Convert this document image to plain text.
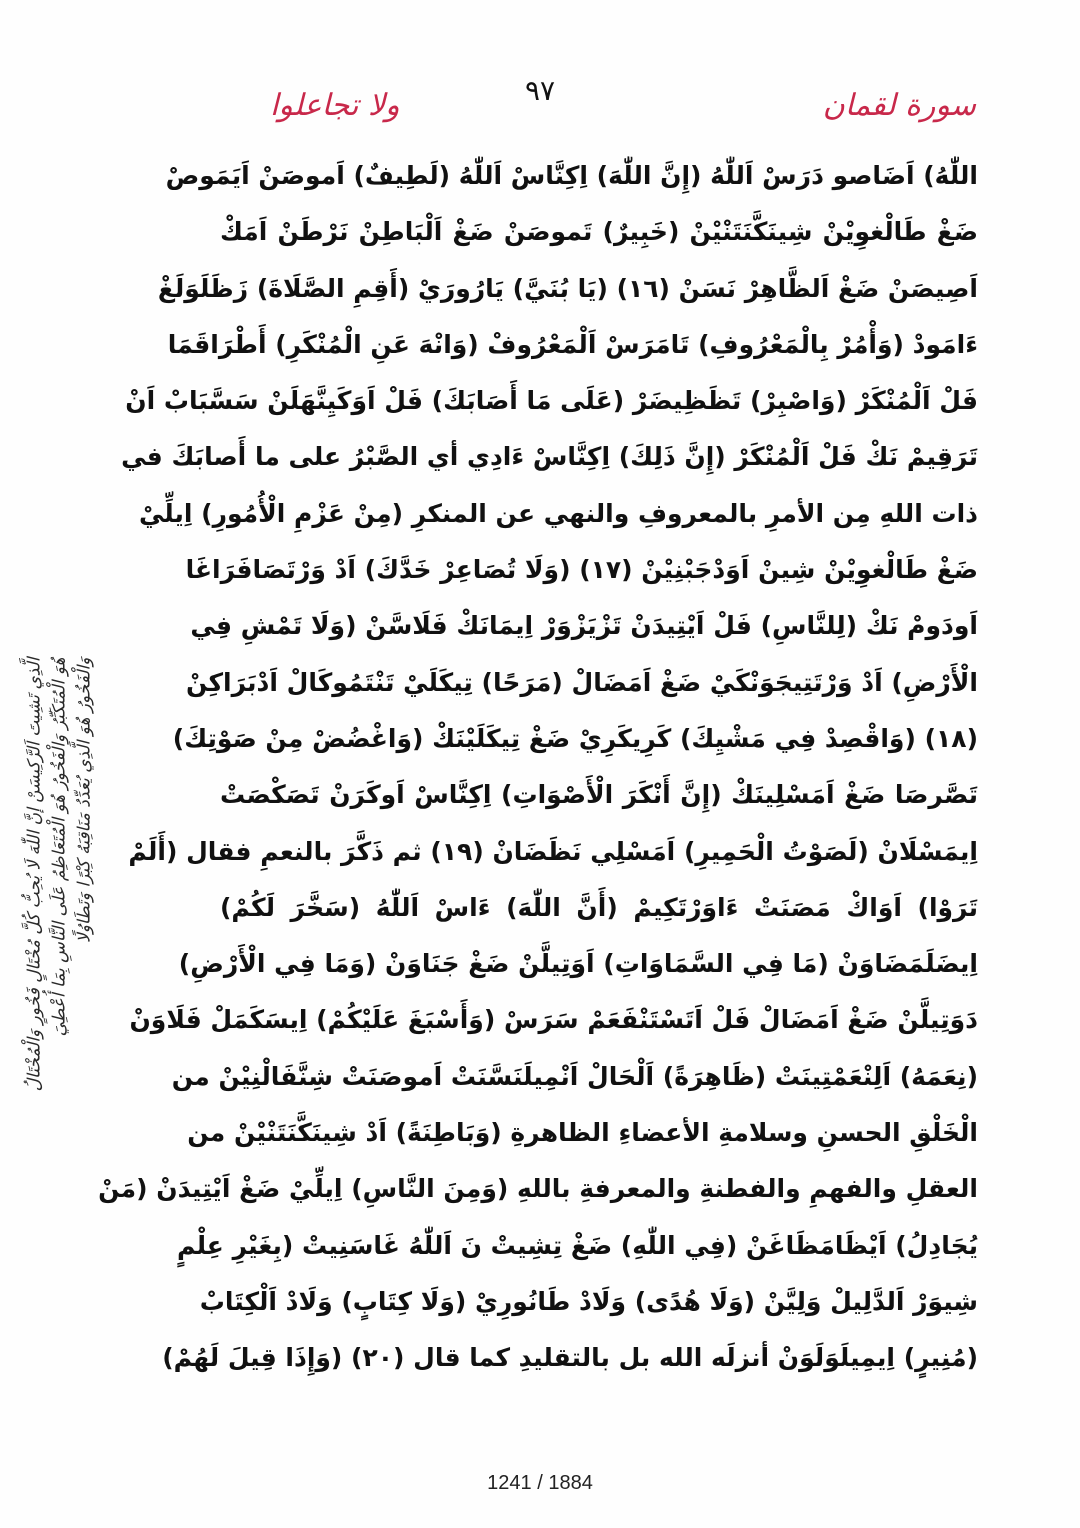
٩٧	سورة لقمان
ولا تجاعلوا
اللّٰهُ) اَضَاصو دَرَسْ اَللّٰهُ (إِنَّ اللّٰهَ) اِكِنَّاسْ اَللّٰهُ (لَطِيفٌ) اَموصَنْ اَيَمَوصْ
ضَغْ طَالْغوِيْنْ شِينَكَّنَتَنْيْنْ (خَبِيرٌ) تَموصَنْ ضَغْ اَلْبَاطِنْ نَرْطَنْ اَمَكْ
اَصِيصَنْ ضَغْ اَلظَّاهِرْ نَسَنْ (١٦) (يَا بُنَيَّ) يَارُورَيْ (أَقِمِ الصَّلَاةَ) زَظَلَوَلَغْ
ءَامَودْ (وَأْمُرْ بِالْمَعْرُوفِ) تَامَرَسْ اَلْمَعْرُوفْ (وَانْهَ عَنِ الْمُنْكَرِ) أَطْرَاقَمَا
فَلْ اَلْمُنْكَرْ (وَاصْبِرْ) تَظَظِيضَرْ (عَلَى مَا أَصَابَكَ) فَلْ اَوَكَيِنَّهَلَنْ سَسَّبَابْ اَنْ
تَرَقِيمْ نَكْ فَلْ اَلْمُنْكَرْ (إِنَّ ذَلِكَ) اِكِنَّاسْ ءَادِي أي الصَّبْرُ على ما أَصابَكَ في
ذات اللهِ مِن الأمرِ بالمعروفِ والنهي عن المنكرِ (مِنْ عَزْمِ الْأُمُورِ) اِيلِّيْ
ضَغْ طَالْغوِيْنْ شِينْ اَوَدْجَبْنِيْنْ (١٧) (وَلَا تُصَاعِرْ خَدَّكَ) اَدْ وَرْتَصَافَرَاغَا
اَودَومْ نَكْ (لِلنَّاسِ) فَلْ اَيْتِيدَنْ تَزْيَزْوَرْ اِيمَانَكْ فَلَاسَّنْ (وَلَا تَمْشِ فِي
الْأَرْضِ) اَدْ وَرْتَتِيجَوَنْكَيْ ضَغْ اَمَضَالْ (مَرَحًا) تِيكَلَيْ تَنْتَمُوكَالْ اَدْبَرَاكِنْ
(١٨) (وَاقْصِدْ فِي مَشْيِكَ) كَرِيكَرِيْ ضَغْ تِيكَلَيْنَكْ (وَاغْضُضْ مِنْ صَوْتِكَ)
تَصَّرصَا ضَغْ اَمَسْلِينَكْ (إِنَّ أَنْكَرَ الْأَصْوَاتِ) اِكِنَّاسْ اَوكَرَنْ تَصَكْصَتْ
اِيمَسْلَانْ (لَصَوْتُ الْحَمِيرِ) اَمَسْلِي نَظَضَانْ (١٩) ثم ذَكَّرَ بالنعمِ فقال (أَلَمْ
تَرَوْا) اَوَاكْ مَصَنَتْ ءَاوَرْتَكِيمْ (أَنَّ اللّٰهَ) ءَاسْ اَللّٰهُ (سَخَّرَ لَكُمْ)
اِيضَلَمَضَاوَنْ (مَا فِي السَّمَاوَاتِ) اَوَتِيلَّنْ ضَغْ جَنَاوَنْ (وَمَا فِي الْأَرْضِ)
دَوَتِيلَّنْ ضَغْ اَمَضَالْ فَلْ اَتَسْتَنْفَعَمْ سَرَسْ (وَأَسْبَغَ عَلَيْكُمْ) اِيسَكَمَلْ فَلَاوَنْ
(نِعَمَهُ) اَلِنْعَمْتِينَتْ (ظَاهِرَةً) اَلْحَالْ اَنْمِيلَنَسَّنَتْ اَموصَنَتْ شِنَّفَالْنِيْنْ من
الْخَلْقِ الحسنِ وسلامةِ الأعضاءِ الظاهرةِ (وَبَاطِنَةً) اَدْ شِينَكَّنَتَنْيْنْ من
العقلِ والفهمِ والفطنةِ والمعرفةِ باللهِ (وَمِنَ النَّاسِ) اِيلِّيْ ضَغْ اَيْتِيدَنْ (مَنْ
يُجَادِلُ) اَيْظَامَظَاغَنْ (فِي اللّٰهِ) ضَغْ تِشِيتْ نَ اَللّٰهُ غَاسَنِيتْ (بِغَيْرِ عِلْمٍ
شِيوَرْ اَلدَّلِيلْ وَلِيَّنْ (وَلَا هُدًى) وَلَادْ طَانُورِيْ (وَلَا كِتَابٍ) وَلَادْ اَلْكِتَابْ
(مُنِيرٍ) اِيمِيلَوَلَوَنْ أنزلَه الله بل بالتقليدِ كما قال (٢٠) (وَإِذَا قِيلَ لَهُمْ)
الَّذِي تَشِيتَ اَلرَّكِيسَنْ إنَّ اللّٰهَ لَا يُحِبُّ كُلَّ مُخْتَالٍ فَخُورٍ وَالْمُخْتَالُ هُوَ الْمُتَكَبِّرُ وَالْفَخُورُ هُوَ الْمُتَعَاظِمُ عَلَى النَّاسِ بِمَا أُعْطِيَ وَالْفَخُورُ هُوَ الَّذِي يُعَدِّدُ مَنَاقِبَهُ كِبْرًا وَتَطَاوُلًا
1241 / 1884
